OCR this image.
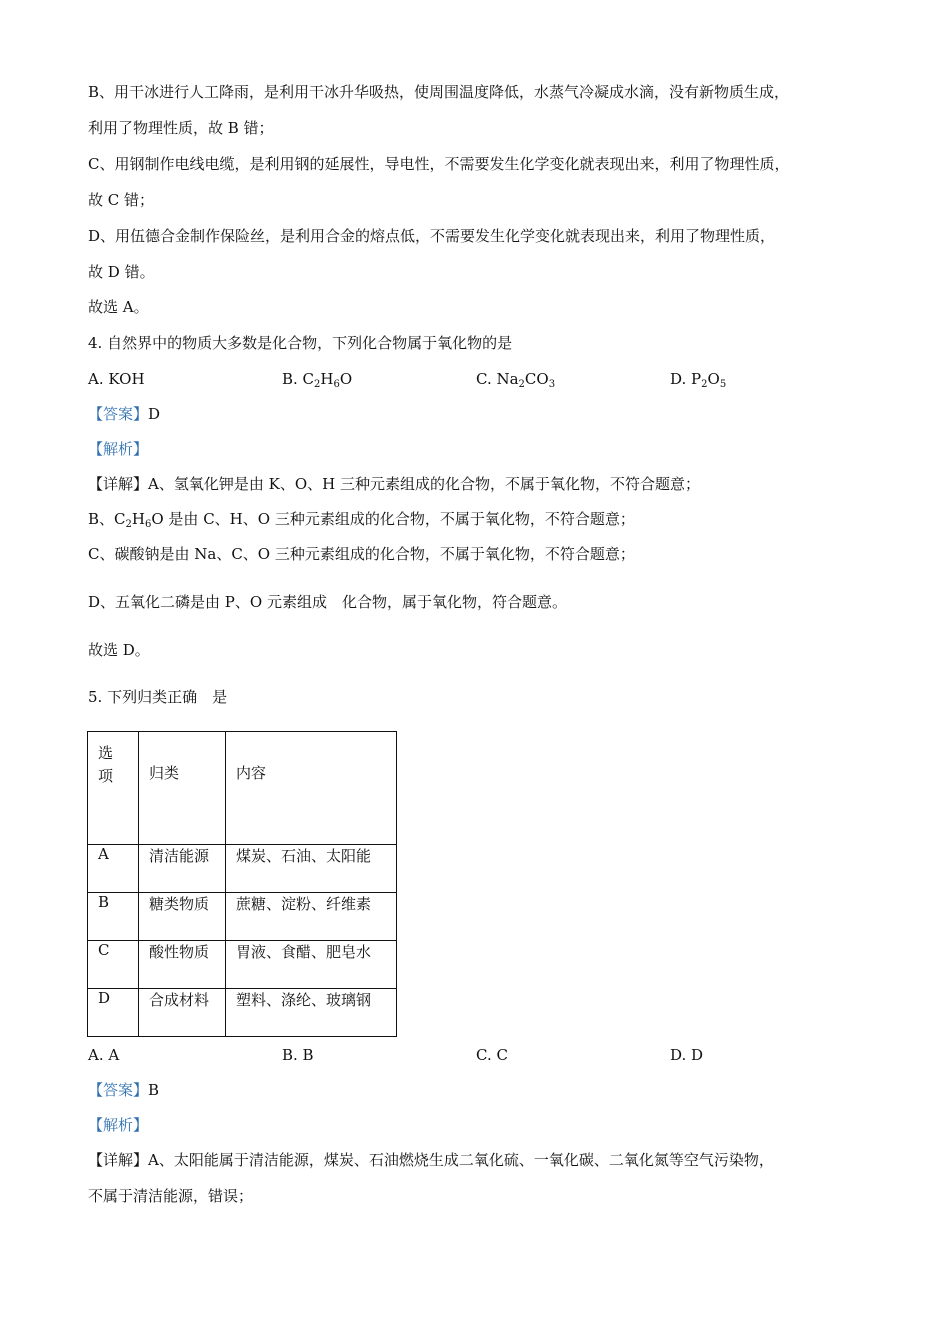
B、用干冰进行人工降雨，是利用干冰升华吸热，使周围温度降低，水蒸气冷凝成水滴，没有新物质生成，
利用了物理性质，故 B 错；
C、用钢制作电线电缆，是利用钢的延展性，导电性，不需要发生化学变化就表现出来，利用了物理性质，
故 C 错；
D、用伍德合金制作保险丝，是利用合金的熔点低，不需要发生化学变化就表现出来，利用了物理性质，
故 D 错。
故选 A。
4. 自然界中的物质大多数是化合物，下列化合物属于氧化物的是
A. KOH	B. $C_2H_6O$	C. $Na_2CO_3$	D. $P_2O_5$
【答案】D
【解析】
【详解】A、氢氧化钾是由 K、O、H 三种元素组成的化合物，不属于氧化物，不符合题意；
B、$C_2H_6O$ 是由 C、H、O 三种元素组成的化合物，不属于氧化物，不符合题意；
C、碳酸钠是由 Na、C、O 三种元素组成的化合物，不属于氧化物，不符合题意；
D、五氧化二磷是由 P、O 元素组成　化合物，属于氧化物，符合题意。
故选 D。
5. 下列归类正确　是
选
项	归类	内容
A	清洁能源	煤炭、石油、太阳能
B	糖类物质	蔗糖、淀粉、纤维素
C	酸性物质	胃液、食醋、肥皂水
D	合成材料	塑料、涤纶、玻璃钢
A. A	B. B	C. C	D. D
【答案】B
【解析】
【详解】A、太阳能属于清洁能源，煤炭、石油燃烧生成二氧化硫、一氧化碳、二氧化氮等空气污染物，
不属于清洁能源，错误；
